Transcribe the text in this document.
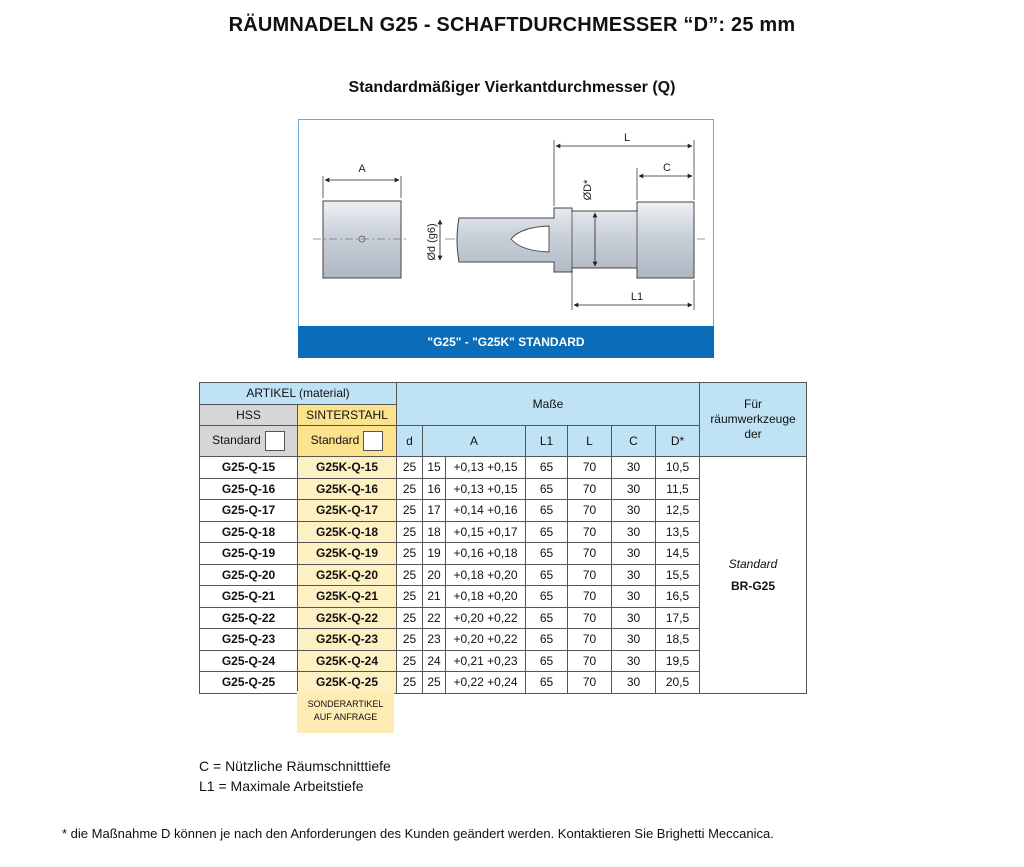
RÄUMNADELN G25 - SCHAFTDURCHMESSER “D”: 25 mm
Standardmäßiger Vierkantdurchmesser (Q)
A
Ød (g6)
ØD*
L
C
L1
"G25" - "G25K" STANDARD
ARTIKEL (material)		Maße							Für räumwerkzeuge der
HSS	SINTERSTAHL								
Standard	Standard	d	A		L1	L	C	D*	
G25-Q-15	G25K-Q-15	25	15	+0,13 +0,15	65	70	30	10,5	Standard
BR-G25

G25-Q-16	G25K-Q-16	25	16	+0,13 +0,15	65	70	30	11,5	
G25-Q-17	G25K-Q-17	25	17	+0,14 +0,16	65	70	30	12,5	
G25-Q-18	G25K-Q-18	25	18	+0,15 +0,17	65	70	30	13,5	
G25-Q-19	G25K-Q-19	25	19	+0,16 +0,18	65	70	30	14,5	
G25-Q-20	G25K-Q-20	25	20	+0,18 +0,20	65	70	30	15,5	
G25-Q-21	G25K-Q-21	25	21	+0,18 +0,20	65	70	30	16,5	
G25-Q-22	G25K-Q-22	25	22	+0,20 +0,22	65	70	30	17,5	
G25-Q-23	G25K-Q-23	25	23	+0,20 +0,22	65	70	30	18,5	
G25-Q-24	G25K-Q-24	25	24	+0,21 +0,23	65	70	30	19,5	
G25-Q-25	G25K-Q-25	25	25	+0,22 +0,24	65	70	30	20,5	
SONDERARTIKEL
AUF ANFRAGE
C = Nützliche Räumschnitttiefe
L1 = Maximale Arbeitstiefe
* die Maßnahme D können je nach den Anforderungen des Kunden geändert werden. Kontaktieren Sie Brighetti Meccanica.
